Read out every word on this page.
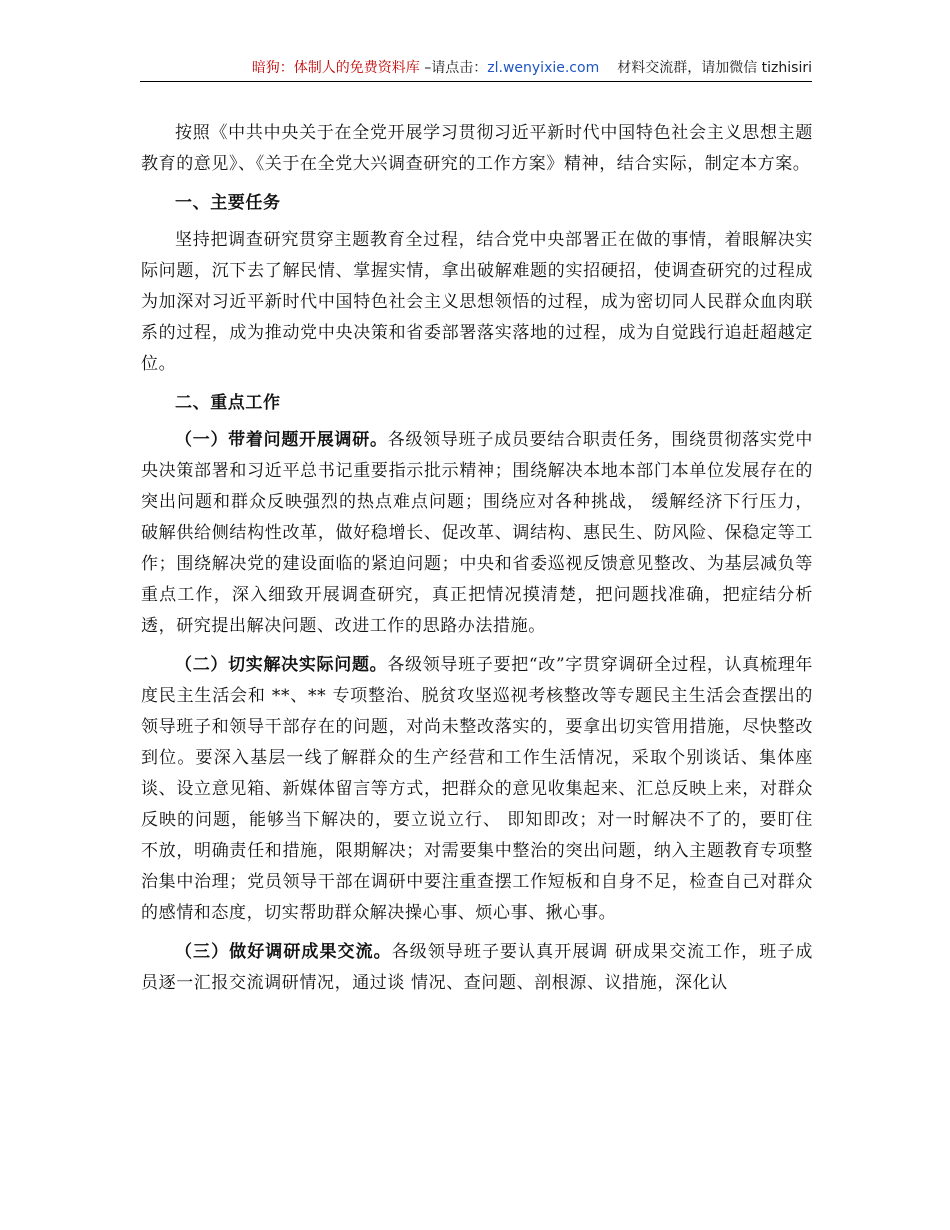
暗狗：体制人的免费资料库 –请点击：zl.wenyixie.com 材料交流群，请加微信 tizhisiri

按照《中共中央关于在全党开展学习贯彻习近平新时代中国特色社会主义思想主题教育的意见》、《关于在全党大兴调查研究的工作方案》精神，结合实际，制定本方案。

一、主要任务

坚持把调查研究贯穿主题教育全过程，结合党中央部署正在做的事情，着眼解决实际问题，沉下去了解民情、掌握实情，拿出破解难题的实招硬招，使调查研究的过程成为加深对习近平新时代中国特色社会主义思想领悟的过程，成为密切同人民群众血肉联系的过程，成为推动党中央决策和省委部署落实落地的过程，成为自觉践行追赶超越定位。

二、重点工作

（一）带着问题开展调研。各级领导班子成员要结合职责任务，围绕贯彻落实党中央决策部署和习近平总书记重要指示批示精神；围绕解决本地本部门本单位发展存在的突出问题和群众反映强烈的热点难点问题；围绕应对各种挑战， 缓解经济下行压力，破解供给侧结构性改革，做好稳增长、促改革、调结构、惠民生、防风险、保稳定等工作；围绕解决党的建设面临的紧迫问题；中央和省委巡视反馈意见整改、为基层减负等重点工作，深入细致开展调查研究，真正把情况摸清楚，把问题找准确，把症结分析透，研究提出解决问题、改进工作的思路办法措施。

（二）切实解决实际问题。各级领导班子要把“改”字贯穿调研全过程，认真梳理年度民主生活会和 **、** 专项整治、脱贫攻坚巡视考核整改等专题民主生活会查摆出的领导班子和领导干部存在的问题，对尚未整改落实的，要拿出切实管用措施，尽快整改到位。要深入基层一线了解群众的生产经营和工作生活情况，采取个别谈话、集体座谈、设立意见箱、新媒体留言等方式，把群众的意见收集起来、汇总反映上来，对群众反映的问题，能够当下解决的，要立说立行、 即知即改；对一时解决不了的，要盯住不放，明确责任和措施，限期解决；对需要集中整治的突出问题，纳入主题教育专项整治集中治理；党员领导干部在调研中要注重查摆工作短板和自身不足，检查自己对群众的感情和态度，切实帮助群众解决操心事、烦心事、揪心事。

（三）做好调研成果交流。各级领导班子要认真开展调 研成果交流工作，班子成员逐一汇报交流调研情况，通过谈 情况、查问题、剖根源、议措施，深化认
